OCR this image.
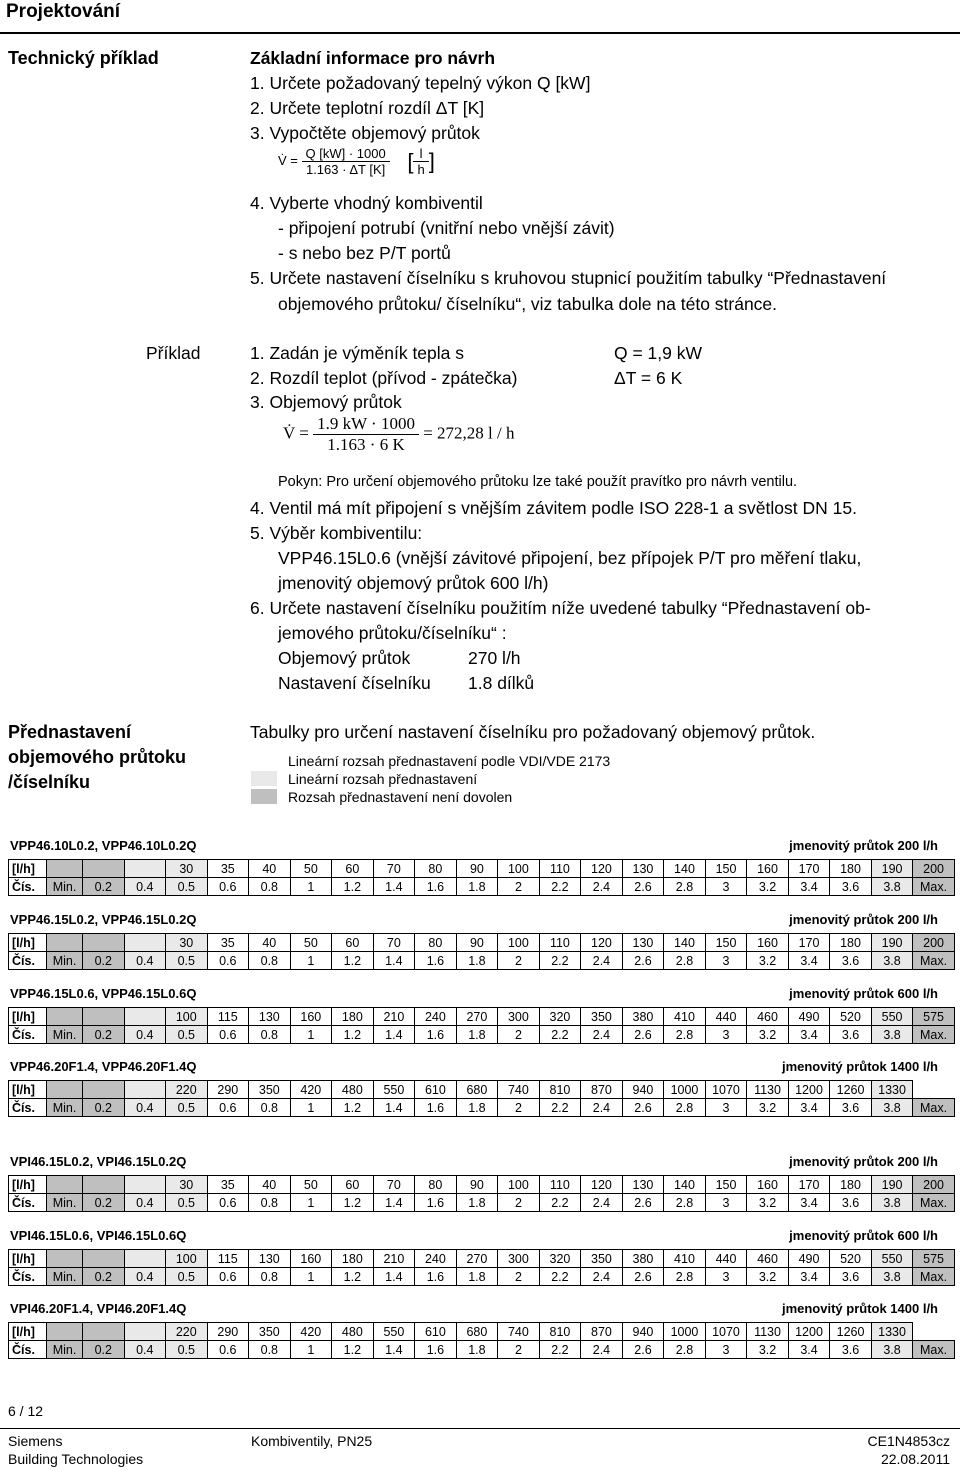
Projektování
Technický příklad	Základní informace pro návrh
1. Určete požadovaný tepelný výkon Q [kW]
2. Určete teplotní rozdíl ΔT [K]
3. Vypočtěte objemový průtok
V̇ = $\frac{Q [kW] \cdot 1000}{1.163 \cdot \Delta T [K]}$ [ $\frac{l}{h}$ ]
4. Vyberte vhodný kombiventil
- připojení potrubí (vnitřní nebo vnější závit)
- s nebo bez P/T portů
5. Určete nastavení číselníku s kruhovou stupnicí použitím tabulky “Přednastavení
objemového průtoku/ číselníku“, viz tabulka dole na této stránce.
Příklad	1. Zadán je výměník tepla s	Q = 1,9 kW
2. Rozdíl teplot (přívod - zpátečka)	ΔT = 6 K
3. Objemový průtok
V̇ = $\frac{1.9 kW \cdot 1000}{1.163 \cdot 6 K} = 272,28$ l / h
Pokyn: Pro určení objemového průtoku lze také použít pravítko pro návrh ventilu.
4. Ventil má mít připojení s vnějším závitem podle ISO 228-1 a světlost DN 15.
5. Výběr kombiventilu:
VPP46.15L0.6 (vnější závitové připojení, bez přípojek P/T pro měření tlaku,
jmenovitý objemový průtok 600 l/h)
6. Určete nastavení číselníku použitím níže uvedené tabulky “Přednastavení ob-
jemového průtoku/číselníku“ :
Objemový průtok	270 l/h
Nastavení číselníku 1.8 dílků
Přednastavení
objemového průtoku
/číselníku
Tabulky pro určení nastavení číselníku pro požadovaný objemový průtok.
Lineární rozsah přednastavení podle VDI/VDE 2173
Lineární rozsah přednastavení
Rozsah přednastavení není dovolen
VPP46.10L0.2, VPP46.10L0.2Q	jmenovitý průtok 200 l/h
[l/h]				30	35	40	50	60	70	80	90	100	110	120	130	140	150	160	170	180	190	200
Čís.	Min.	0.2	0.4	0.5	0.6	0.8	1	1.2	1.4	1.6	1.8	2	2.2	2.4	2.6	2.8	3	3.2	3.4	3.6	3.8	Max.
VPP46.15L0.2, VPP46.15L0.2Q	jmenovitý průtok 200 l/h
[l/h]				30	35	40	50	60	70	80	90	100	110	120	130	140	150	160	170	180	190	200
Čís.	Min.	0.2	0.4	0.5	0.6	0.8	1	1.2	1.4	1.6	1.8	2	2.2	2.4	2.6	2.8	3	3.2	3.4	3.6	3.8	Max.
VPP46.15L0.6, VPP46.15L0.6Q	jmenovitý průtok 600 l/h
[l/h]				100	115	130	160	180	210	240	270	300	320	350	380	410	440	460	490	520	550	575
Čís.	Min.	0.2	0.4	0.5	0.6	0.8	1	1.2	1.4	1.6	1.8	2	2.2	2.4	2.6	2.8	3	3.2	3.4	3.6	3.8	Max.
VPP46.20F1.4, VPP46.20F1.4Q	jmenovitý průtok 1400 l/h
[l/h]				220	290	350	420	480	550	610	680	740	810	870	940	1000	1070	1130	1200	1260	1330	
Čís.	Min.	0.2	0.4	0.5	0.6	0.8	1	1.2	1.4	1.6	1.8	2	2.2	2.4	2.6	2.8	3	3.2	3.4	3.6	3.8	Max.
VPI46.15L0.2, VPI46.15L0.2Q	jmenovitý průtok 200 l/h
[l/h]				30	35	40	50	60	70	80	90	100	110	120	130	140	150	160	170	180	190	200
Čís.	Min.	0.2	0.4	0.5	0.6	0.8	1	1.2	1.4	1.6	1.8	2	2.2	2.4	2.6	2.8	3	3.2	3.4	3.6	3.8	Max.
VPI46.15L0.6, VPI46.15L0.6Q	jmenovitý průtok 600 l/h
[l/h]				100	115	130	160	180	210	240	270	300	320	350	380	410	440	460	490	520	550	575
Čís.	Min.	0.2	0.4	0.5	0.6	0.8	1	1.2	1.4	1.6	1.8	2	2.2	2.4	2.6	2.8	3	3.2	3.4	3.6	3.8	Max.
VPI46.20F1.4, VPI46.20F1.4Q	jmenovitý průtok 1400 l/h
[l/h]				220	290	350	420	480	550	610	680	740	810	870	940	1000	1070	1130	1200	1260	1330	
Čís.	Min.	0.2	0.4	0.5	0.6	0.8	1	1.2	1.4	1.6	1.8	2	2.2	2.4	2.6	2.8	3	3.2	3.4	3.6	3.8	Max.
6 / 12
Siemens
Building Technologies
Kombiventily, PN25	CE1N4853cz
22.08.2011
